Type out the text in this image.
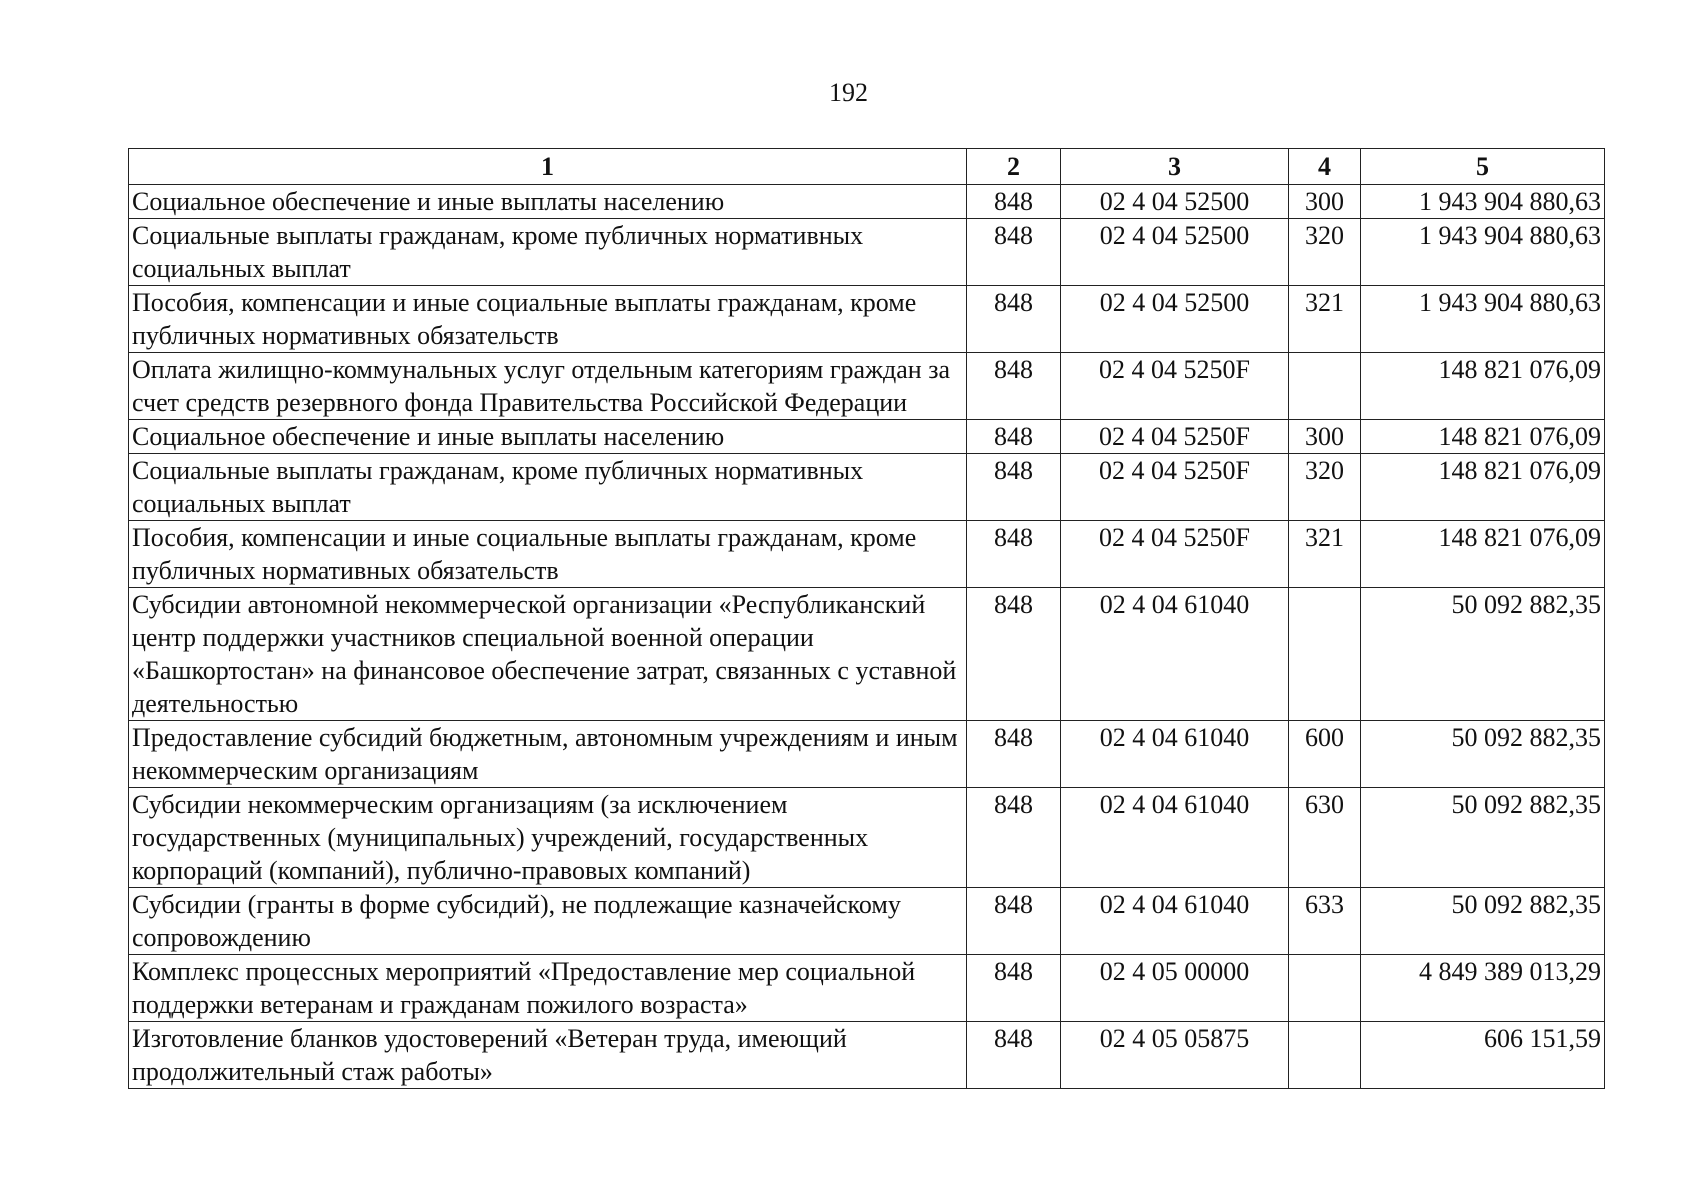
192
1	2	3	4	5
Социальное обеспечение и иные выплаты населению	848	02 4 04 52500	300	1 943 904 880,63
Социальные выплаты гражданам, кроме публичных нормативных социальных выплат	848	02 4 04 52500	320	1 943 904 880,63
Пособия, компенсации и иные социальные выплаты гражданам, кроме публичных нормативных обязательств	848	02 4 04 52500	321	1 943 904 880,63
Оплата жилищно-коммунальных услуг отдельным категориям граждан за счет средств резервного фонда Правительства Российской Федерации	848	02 4 04 5250F		148 821 076,09
Социальное обеспечение и иные выплаты населению	848	02 4 04 5250F	300	148 821 076,09
Социальные выплаты гражданам, кроме публичных нормативных социальных выплат	848	02 4 04 5250F	320	148 821 076,09
Пособия, компенсации и иные социальные выплаты гражданам, кроме публичных нормативных обязательств	848	02 4 04 5250F	321	148 821 076,09
Субсидии автономной некоммерческой организации «Республиканский центр поддержки участников специальной военной операции «Башкортостан» на финансовое обеспечение затрат, связанных с уставной деятельностью	848	02 4 04 61040		50 092 882,35
Предоставление субсидий бюджетным, автономным учреждениям и иным некоммерческим организациям	848	02 4 04 61040	600	50 092 882,35
Субсидии некоммерческим организациям (за исключением государственных (муниципальных) учреждений, государственных корпораций (компаний), публично-правовых компаний)	848	02 4 04 61040	630	50 092 882,35
Субсидии (гранты в форме субсидий), не подлежащие казначейскому сопровождению	848	02 4 04 61040	633	50 092 882,35
Комплекс процессных мероприятий «Предоставление мер социальной поддержки ветеранам и гражданам пожилого возраста»	848	02 4 05 00000		4 849 389 013,29
Изготовление бланков удостоверений «Ветеран труда, имеющий продолжительный стаж работы»	848	02 4 05 05875		606 151,59
